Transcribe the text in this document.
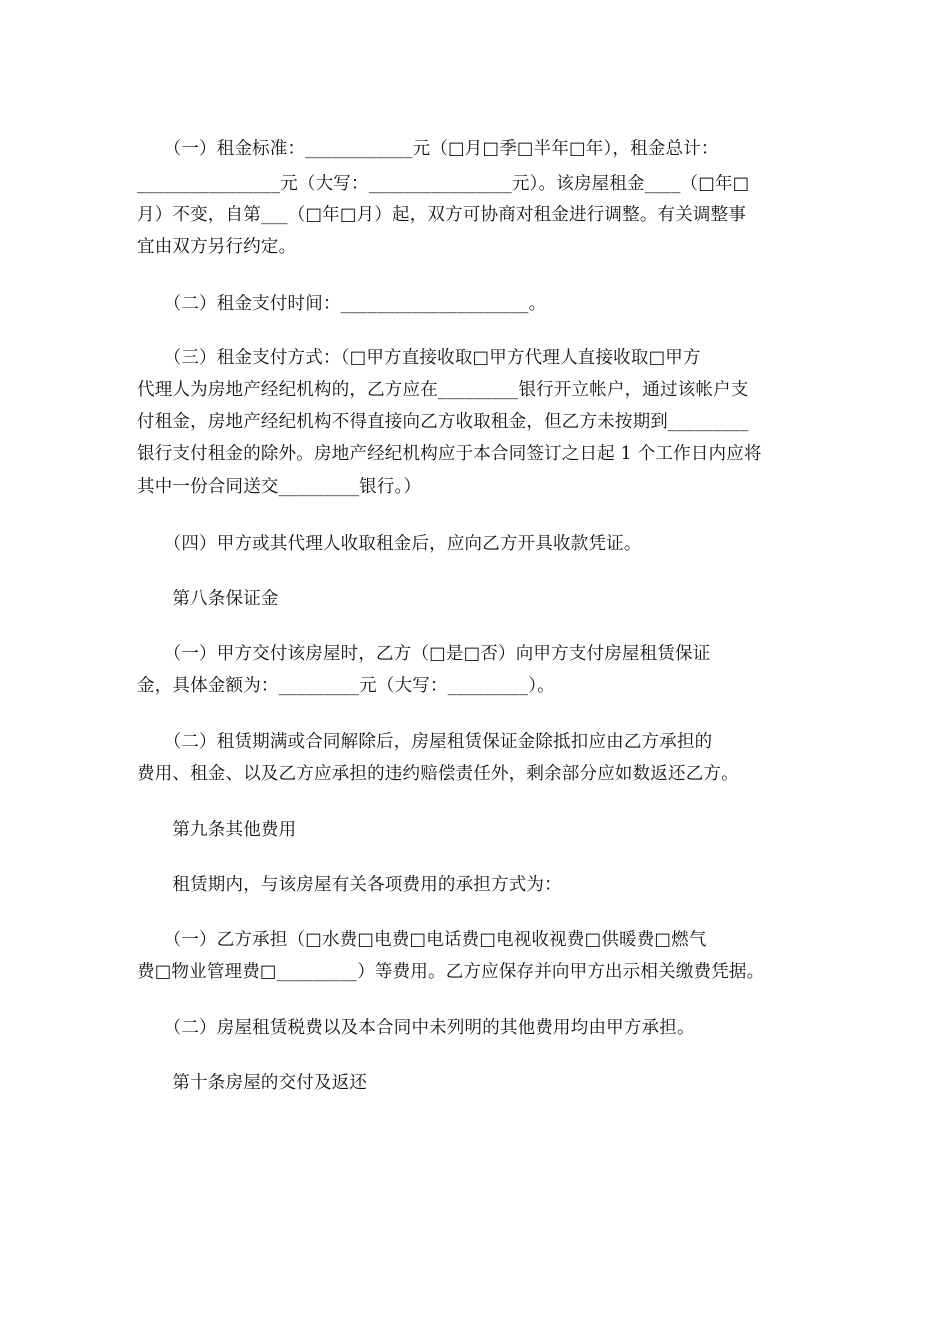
　　（一）租金标准：____________元（□月□季□半年□年），租金总计：
________________元（大写：________________元）。该房屋租金____（□年□
月）不变，自第___（□年□月）起，双方可协商对租金进行调整。有关调整事
宜由双方另行约定。
　　（二）租金支付时间：_____________________。
　　（三）租金支付方式：（□甲方直接收取□甲方代理人直接收取□甲方
代理人为房地产经纪机构的，乙方应在_________银行开立帐户，通过该帐户支
付租金，房地产经纪机构不得直接向乙方收取租金，但乙方未按期到_________
银行支付租金的除外。房地产经纪机构应于本合同签订之日起 1 个工作日内应将
其中一份合同送交_________银行。）
　　（四）甲方或其代理人收取租金后，应向乙方开具收款凭证。
　　第八条保证金
　　（一）甲方交付该房屋时，乙方（□是□否）向甲方支付房屋租赁保证
金，具体金额为：_________元（大写：_________）。
　　（二）租赁期满或合同解除后，房屋租赁保证金除抵扣应由乙方承担的
费用、租金、以及乙方应承担的违约赔偿责任外，剩余部分应如数返还乙方。
　　第九条其他费用
　　租赁期内，与该房屋有关各项费用的承担方式为：
　　（一）乙方承担（□水费□电费□电话费□电视收视费□供暖费□燃气
费□物业管理费□_________）等费用。乙方应保存并向甲方出示相关缴费凭据。
　　（二）房屋租赁税费以及本合同中未列明的其他费用均由甲方承担。
　　第十条房屋的交付及返还
